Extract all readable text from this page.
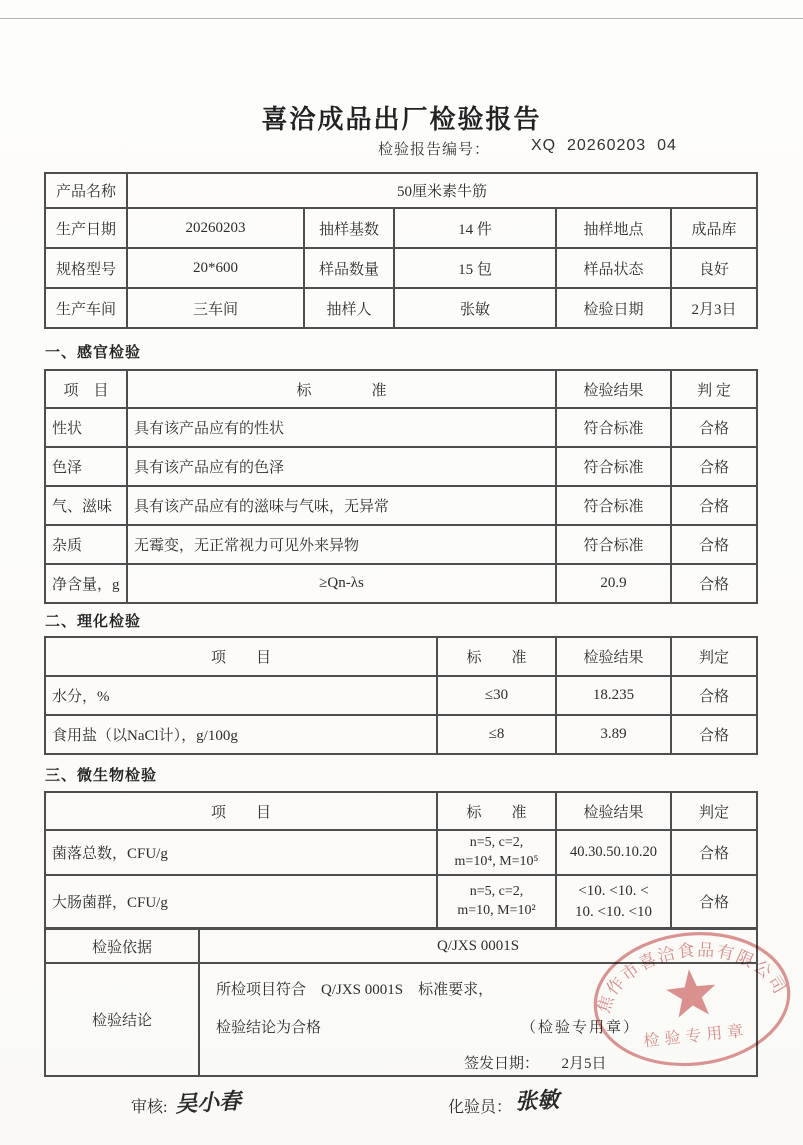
喜洽成品出厂检验报告
检验报告编号：	XQ  20260203  04
产品名称	50厘米素牛筋				
生产日期	20260203	抽样基数	14 件	抽样地点	成品库
规格型号	20*600	样品数量	15 包	样品状态	良好
生产车间	三车间	抽样人	张敏	检验日期	2月3日
一、感官检验
项　目	标　　　　准	检验结果	判 定
性状	具有该产品应有的性状	符合标准	合格
色泽	具有该产品应有的色泽	符合标准	合格
气、滋味	具有该产品应有的滋味与气味，无异常	符合标准	合格
杂质	无霉变，无正常视力可见外来异物	符合标准	合格
净含量，g	≥Qn-λs	20.9	合格
二、理化检验
项　　目	标　　准	检验结果	判定
水分，%	≤30	18.235	合格
食用盐（以NaCl计），g/100g	≤8	3.89	合格
三、微生物检验
项　　目	标　　准	检验结果	判定
菌落总数，CFU/g	n=5, c=2,
m=10⁴, M=10⁵	40.30.50.10.20	合格
大肠菌群，CFU/g	n=5, c=2,
m=10, M=10²	<10. <10. <
10. <10. <10	合格
检验依据	Q/JXS 0001S
检验结论	所检项目符合    Q/JXS 0001S    标准要求，
检验结论为合格 （检验专用章）
签发日期：      2月5日
审核: 吴小春	化验员： 张敏
焦作市喜洽食品有限公司
检验专用章
